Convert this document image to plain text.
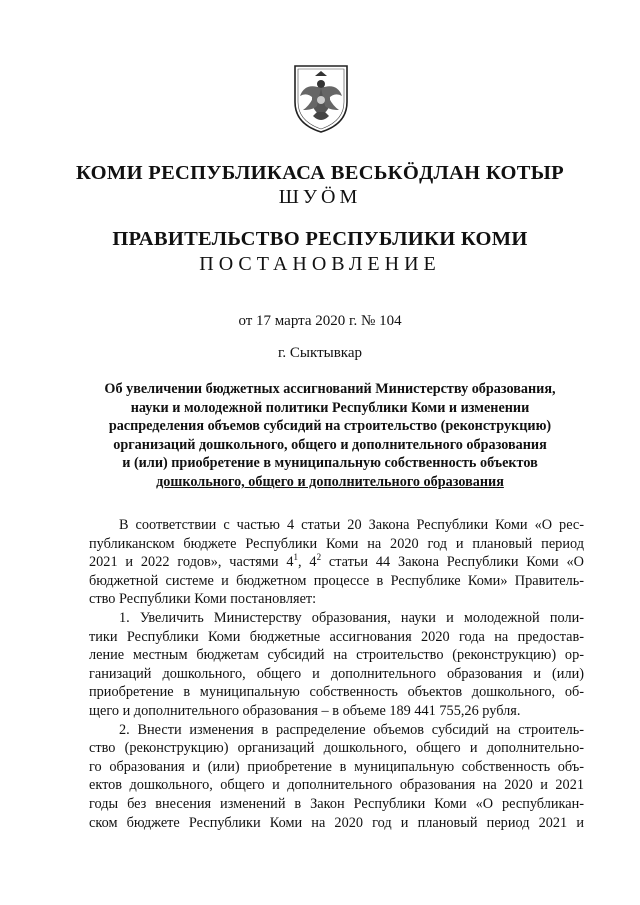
КОМИ РЕСПУБЛИКАСА ВЕСЬКӦДЛАН КОТЫР
ШУӦМ
ПРАВИТЕЛЬСТВО РЕСПУБЛИКИ КОМИ
ПОСТАНОВЛЕНИЕ
от 17 марта 2020 г. № 104
г. Сыктывкар
Об увеличении бюджетных ассигнований Министерству образования,
науки и молодежной политики Республики Коми и изменении
распределения объемов субсидий на строительство (реконструкцию)
организаций дошкольного, общего и дополнительного образования
и (или) приобретение в муниципальную собственность объектов
дошкольного, общего и дополнительного образования
В соответствии с частью 4 статьи 20 Закона Республики Коми «О рес-
публиканском бюджете Республики Коми на 2020 год и плановый период
2021 и 2022 годов», частями $4^1$, $4^2$ статьи 44 Закона Республики Коми «О
бюджетной системе и бюджетном процессе в Республике Коми» Правитель-
ство Республики Коми постановляет:
1. Увеличить Министерству образования, науки и молодежной поли-
тики Республики Коми бюджетные ассигнования 2020 года на предостав-
ление местным бюджетам субсидий на строительство (реконструкцию) ор-
ганизаций дошкольного, общего и дополнительного образования и (или)
приобретение в муниципальную собственность объектов дошкольного, об-
щего и дополнительного образования – в объеме 189 441 755,26 рубля.
2. Внести изменения в распределение объемов субсидий на строитель-
ство (реконструкцию) организаций дошкольного, общего и дополнительно-
го образования и (или) приобретение в муниципальную собственность объ-
ектов дошкольного, общего и дополнительного образования на 2020 и 2021
годы без внесения изменений в Закон Республики Коми «О республикан-
ском бюджете Республики Коми на 2020 год и плановый период 2021 и
